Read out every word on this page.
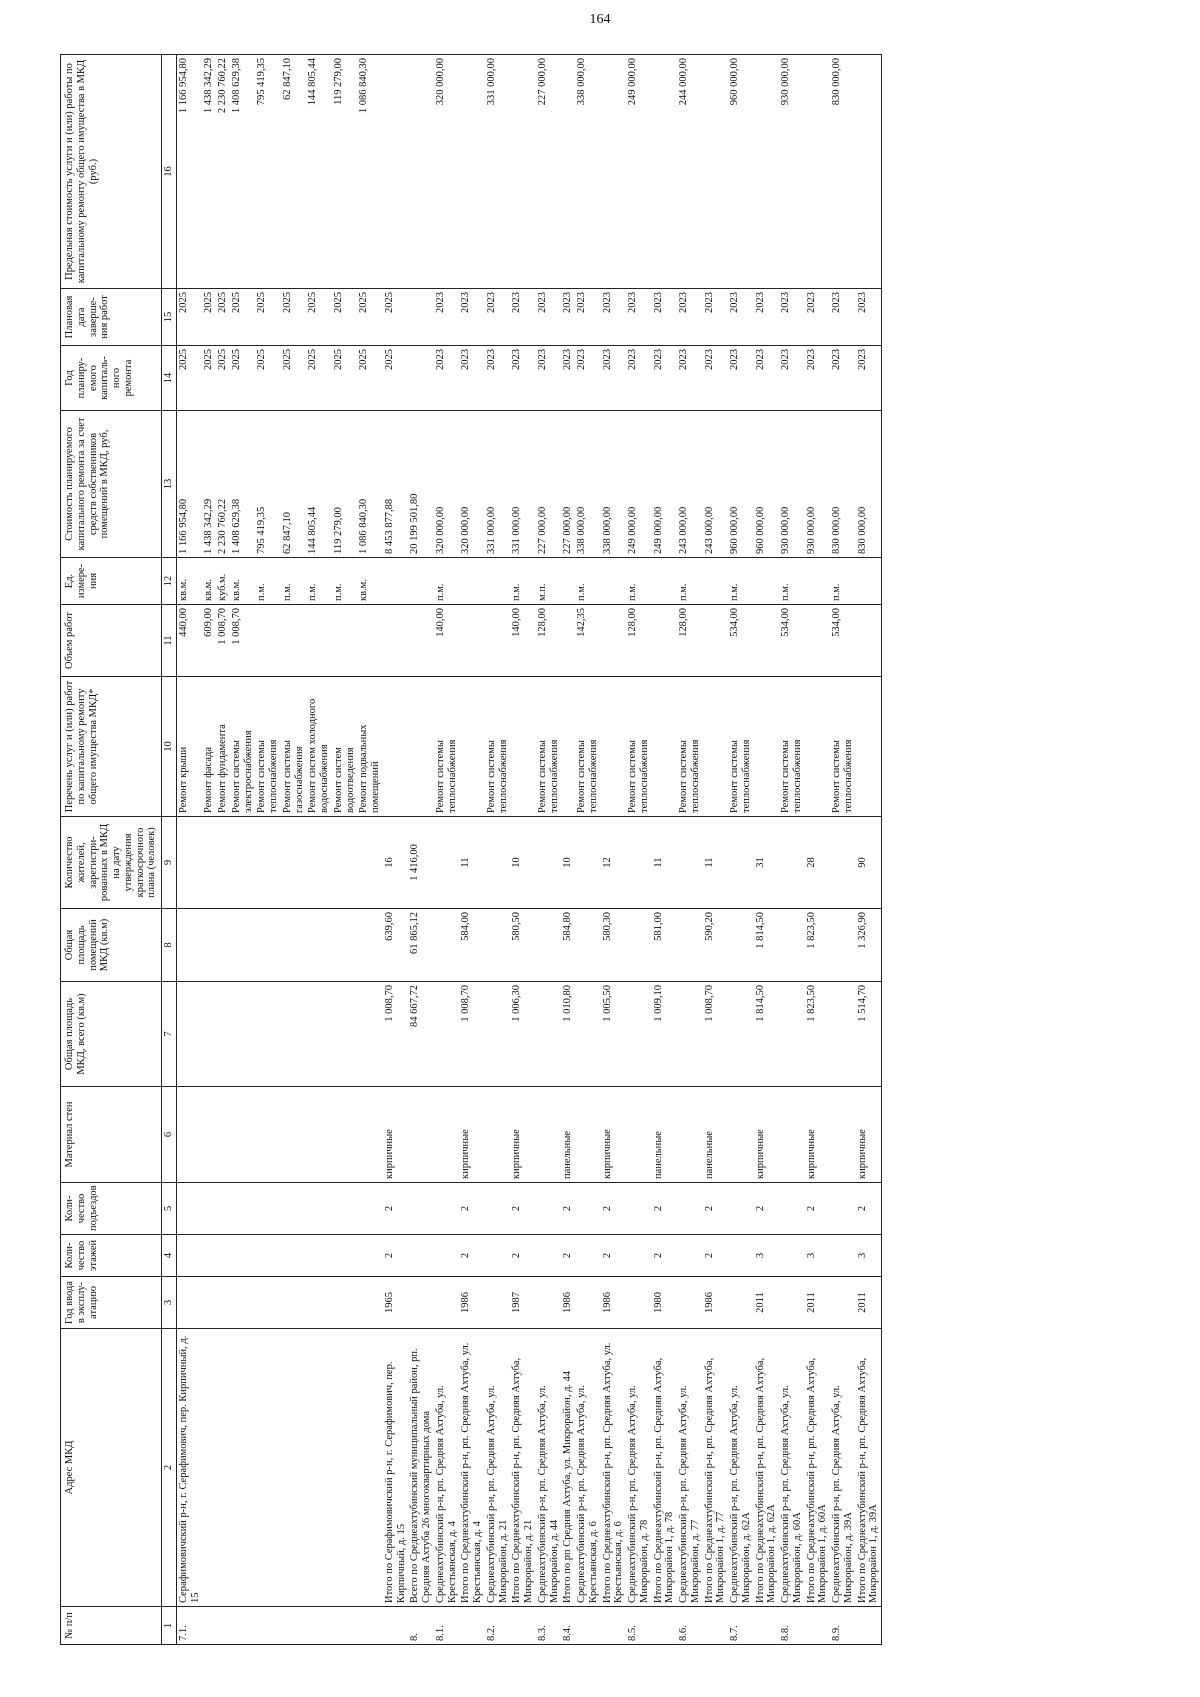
164
№ п/п	Адрес МКД	Год ввода в эксплу-атацию	Коли-чество этажей	Коли-чество подъездов	Материал стен	Общая площадь МКД, всего (кв.м)	Общая площадь помещений МКД (кв.м)	Количество жителей, зарегистри-рованных в МКД на дату утверждения краткосрочного плана (человек)	Перечень услуг и (или) работ по капитальному ремонту общего имущества МКД*	Объем работ	Ед. измере-ния	Стоимость планируемого капитального ремонта за счет средств собственников помещений в МКД, руб,	Год планиру-емого капиталь-ного ремонта	Плановая дата заверше-ния работ	Предельная стоимость услуги и (или) работы по капитальному ремонту общего имущества в МКД (руб.)
1	2	3	4	5	6	7	8	9	10	11	12	13	14	15	16
7.1.	Серафимовичский р-н, г. Серафимович, пер. Кирпичный, д. 15								Ремонт крыши	440,00	кв.м.	1 166 954,80	2025	2025	1 166 954,80
									Ремонт фасада	609,00	кв.м.	1 438 342,29	2025	2025	1 438 342,29
									Ремонт фундамента	1 008,70	куб.м.	2 230 760,22	2025	2025	2 230 760,22
									Ремонт системы электроснабжения	1 008,70	кв.м.	1 408 629,38	2025	2025	1 408 629,38
									Ремонт системы теплоснабжения		п.м.	795 419,35	2025	2025	795 419,35
									Ремонт системы газоснабжения		п.м.	62 847,10	2025	2025	62 847,10
									Ремонт систем холодного водоснабжения		п.м.	144 805,44	2025	2025	144 805,44
									Ремонт систем водоотведения		п.м.	119 279,00	2025	2025	119 279,00
									Ремонт подвальных помещений		кв.м.	1 086 840,30	2025	2025	1 086 840,30
	Итого по Серафимовичский р-н, г. Серафимович, пер. Кирпичный, д. 15	1965	2	2	кирпичные	1 008,70	639,60	16				8 453 877,88	2025	2025	
8.	Всего по Среднеахтубинский муниципальный район, рп. Средняя Ахтуба 26 многоквартирных дома					84 667,72	61 865,12	1 416,00				20 199 501,80			
8.1.	Среднеахтубинский р-н, рп. Средняя Ахтуба, ул. Крестьянская, д. 4								Ремонт системы теплоснабжения	140,00	п.м.	320 000,00	2023	2023	320 000,00
	Итого по Среднеахтубинский р-н, рп. Средняя Ахтуба, ул. Крестьянская, д. 4	1986	2	2	кирпичные	1 008,70	584,00	11				320 000,00	2023	2023	
8.2.	Среднеахтубинский р-н, рп. Средняя Ахтуба, ул. Микрорайон, д. 21								Ремонт системы теплоснабжения			331 000,00	2023	2023	331 000,00
	Итого по Среднеахтубинский р-н, рп. Средняя Ахтуба, Микрорайон, д. 21	1987	2	2	кирпичные	1 006,30	580,50	10		140,00	п.м.	331 000,00	2023	2023	
8.3.	Среднеахтубинский р-н, рп. Средняя Ахтуба, ул. Микрорайон, д. 44								Ремонт системы теплоснабжения	128,00	м.п.	227 000,00	2023	2023	227 000,00
8.4.	Итого по рп Средняя Ахтуба, ул. Микрорайон, д. 44	1986	2	2	панельные	1 010,80	584,80	10				227 000,00	2023	2023	
	Среднеахтубинский р-н, рп. Средняя Ахтуба, ул. Крестьянская, д. 6								Ремонт системы теплоснабжения	142,35	п.м.	338 000,00	2023	2023	338 000,00
	Итого по Среднеахтубинский р-н, рп. Средняя Ахтуба, ул. Крестьянская, д. 6	1986	2	2	кирпичные	1 005,50	580,30	12				338 000,00	2023	2023	
8.5.	Среднеахтубинский р-н, рп. Средняя Ахтуба, ул. Микрорайон, д. 78								Ремонт системы теплоснабжения	128,00	п.м.	249 000,00	2023	2023	249 000,00
	Итого по Среднеахтубинский р-н, рп. Средняя Ахтуба, Микрорайон 1, д. 78	1980	2	2	панельные	1 009,10	581,00	11				249 000,00	2023	2023	
8.6.	Среднеахтубинский р-н, рп. Средняя Ахтуба, ул. Микрорайон, д. 77								Ремонт системы теплоснабжения	128,00	п.м.	243 000,00	2023	2023	244 000,00
	Итого по Среднеахтубинский р-н, рп. Средняя Ахтуба, Микрорайон 1, д. 77	1986	2	2	панельные	1 008,70	590,20	11				243 000,00	2023	2023	
8.7.	Среднеахтубинский р-н, рп. Средняя Ахтуба, ул. Микрорайон, д. 62А								Ремонт системы теплоснабжения	534,00	п.м.	960 000,00	2023	2023	960 000,00
	Итого по Среднеахтубинский р-н, рп. Средняя Ахтуба, Микрорайон 1, д. 62А	2011	3	2	кирпичные	1 814,50	1 814,50	31				960 000,00	2023	2023	
8.8.	Среднеахтубинский р-н, рп. Средняя Ахтуба, ул. Микрорайон, д. 60А								Ремонт системы теплоснабжения	534,00	п.м.	930 000,00	2023	2023	930 000,00
	Итого по Среднеахтубинский р-н, рп. Средняя Ахтуба, Микрорайон 1, д. 60А	2011	3	2	кирпичные	1 823,50	1 823,50	28				930 000,00	2023	2023	
8.9.	Среднеахтубинский р-н, рп. Средняя Ахтуба, ул. Микрорайон, д. 39А								Ремонт системы теплоснабжения	534,00	п.м.	830 000,00	2023	2023	830 000,00
	Итого по Среднеахтубинский р-н, рп. Средняя Ахтуба, Микрорайон 1, д. 39А	2011	3	2	кирпичные	1 514,70	1 326,90	90				830 000,00	2023	2023	
